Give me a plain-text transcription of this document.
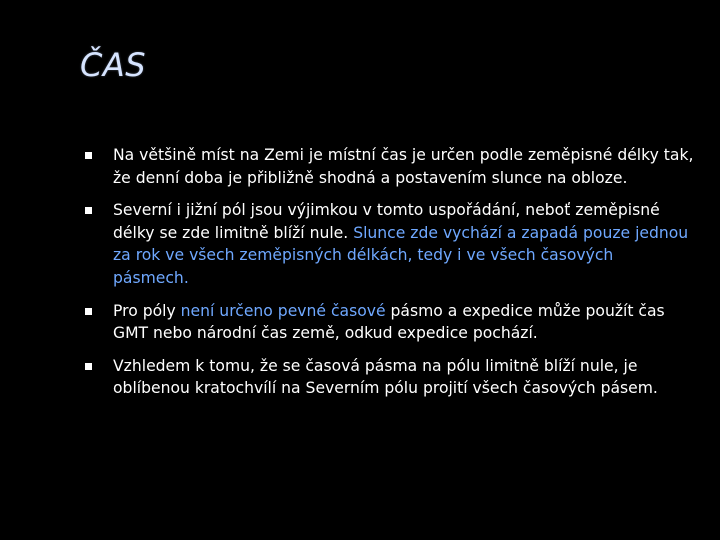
ČAS
Na většině míst na Zemi je místní čas je určen podle zeměpisné délky tak, že denní doba je přibližně shodná a postavením slunce na obloze.
Severní i jižní pól jsou výjimkou v tomto uspořádání, neboť zeměpisné délky se zde limitně blíží nule. Slunce zde vychází a zapadá pouze jednou za rok ve všech zeměpisných délkách, tedy i ve všech časových pásmech.
Pro póly není určeno pevné časové pásmo a expedice může použít čas GMT nebo národní čas země, odkud expedice pochází.
Vzhledem k tomu, že se časová pásma na pólu limitně blíží nule, je oblíbenou kratochvílí na Severním pólu projití všech časových pásem.
